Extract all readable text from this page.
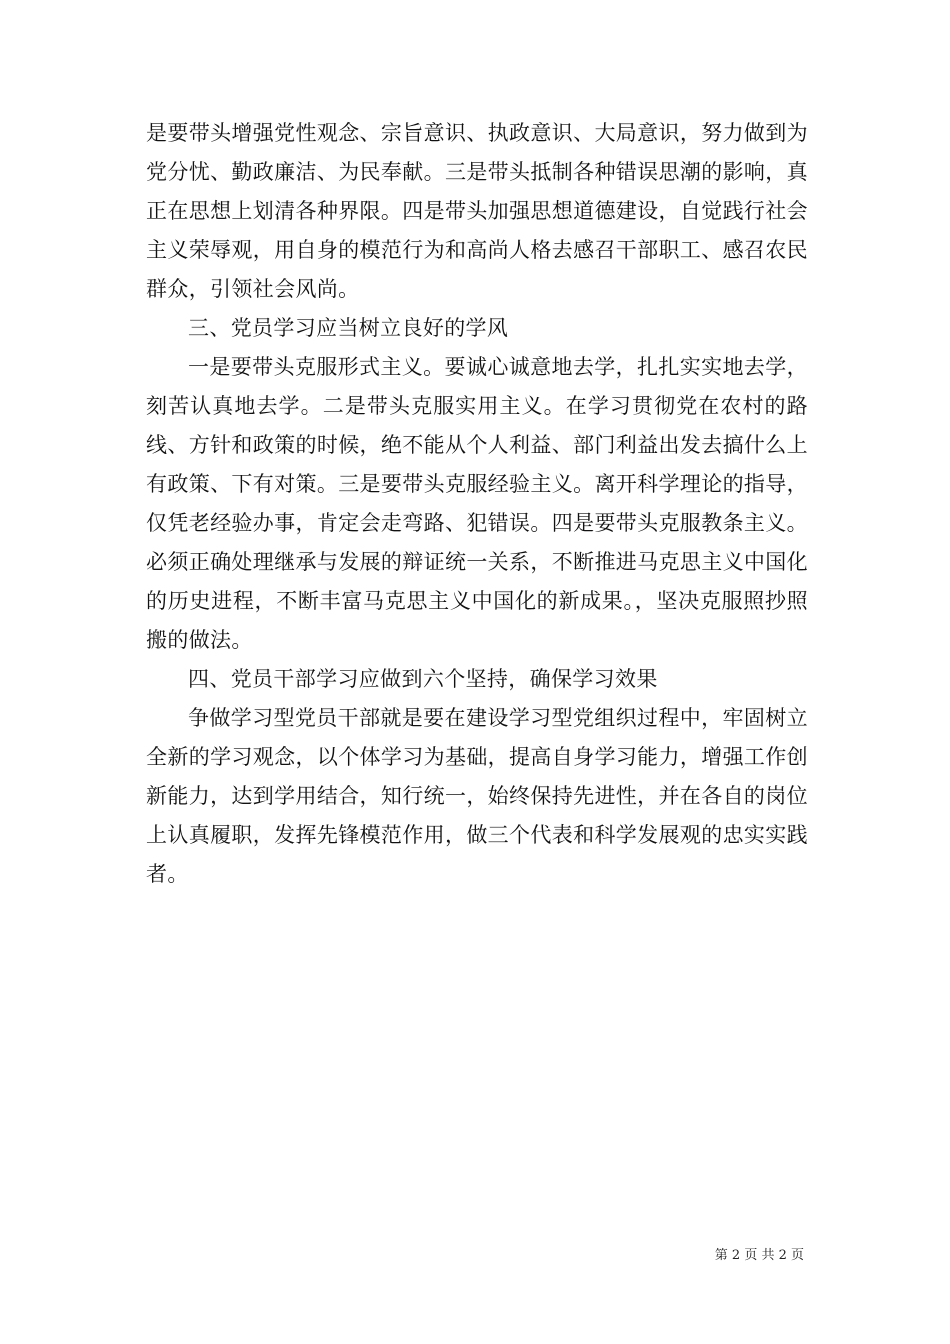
是要带头增强党性观念、宗旨意识、执政意识、大局意识，努力做到为党分忧、勤政廉洁、为民奉献。三是带头抵制各种错误思潮的影响，真正在思想上划清各种界限。四是带头加强思想道德建设，自觉践行社会主义荣辱观，用自身的模范行为和高尚人格去感召干部职工、感召农民群众，引领社会风尚。

三、党员学习应当树立良好的学风

一是要带头克服形式主义。要诚心诚意地去学，扎扎实实地去学，刻苦认真地去学。二是带头克服实用主义。在学习贯彻党在农村的路线、方针和政策的时候，绝不能从个人利益、部门利益出发去搞什么上有政策、下有对策。三是要带头克服经验主义。离开科学理论的指导，仅凭老经验办事，肯定会走弯路、犯错误。四是要带头克服教条主义。必须正确处理继承与发展的辩证统一关系，不断推进马克思主义中国化的历史进程，不断丰富马克思主义中国化的新成果。，坚决克服照抄照搬的做法。

四、党员干部学习应做到六个坚持，确保学习效果

争做学习型党员干部就是要在建设学习型党组织过程中，牢固树立全新的学习观念，以个体学习为基础，提高自身学习能力，增强工作创新能力，达到学用结合，知行统一，始终保持先进性，并在各自的岗位上认真履职，发挥先锋模范作用，做三个代表和科学发展观的忠实实践者。

第 2 页 共 2 页
